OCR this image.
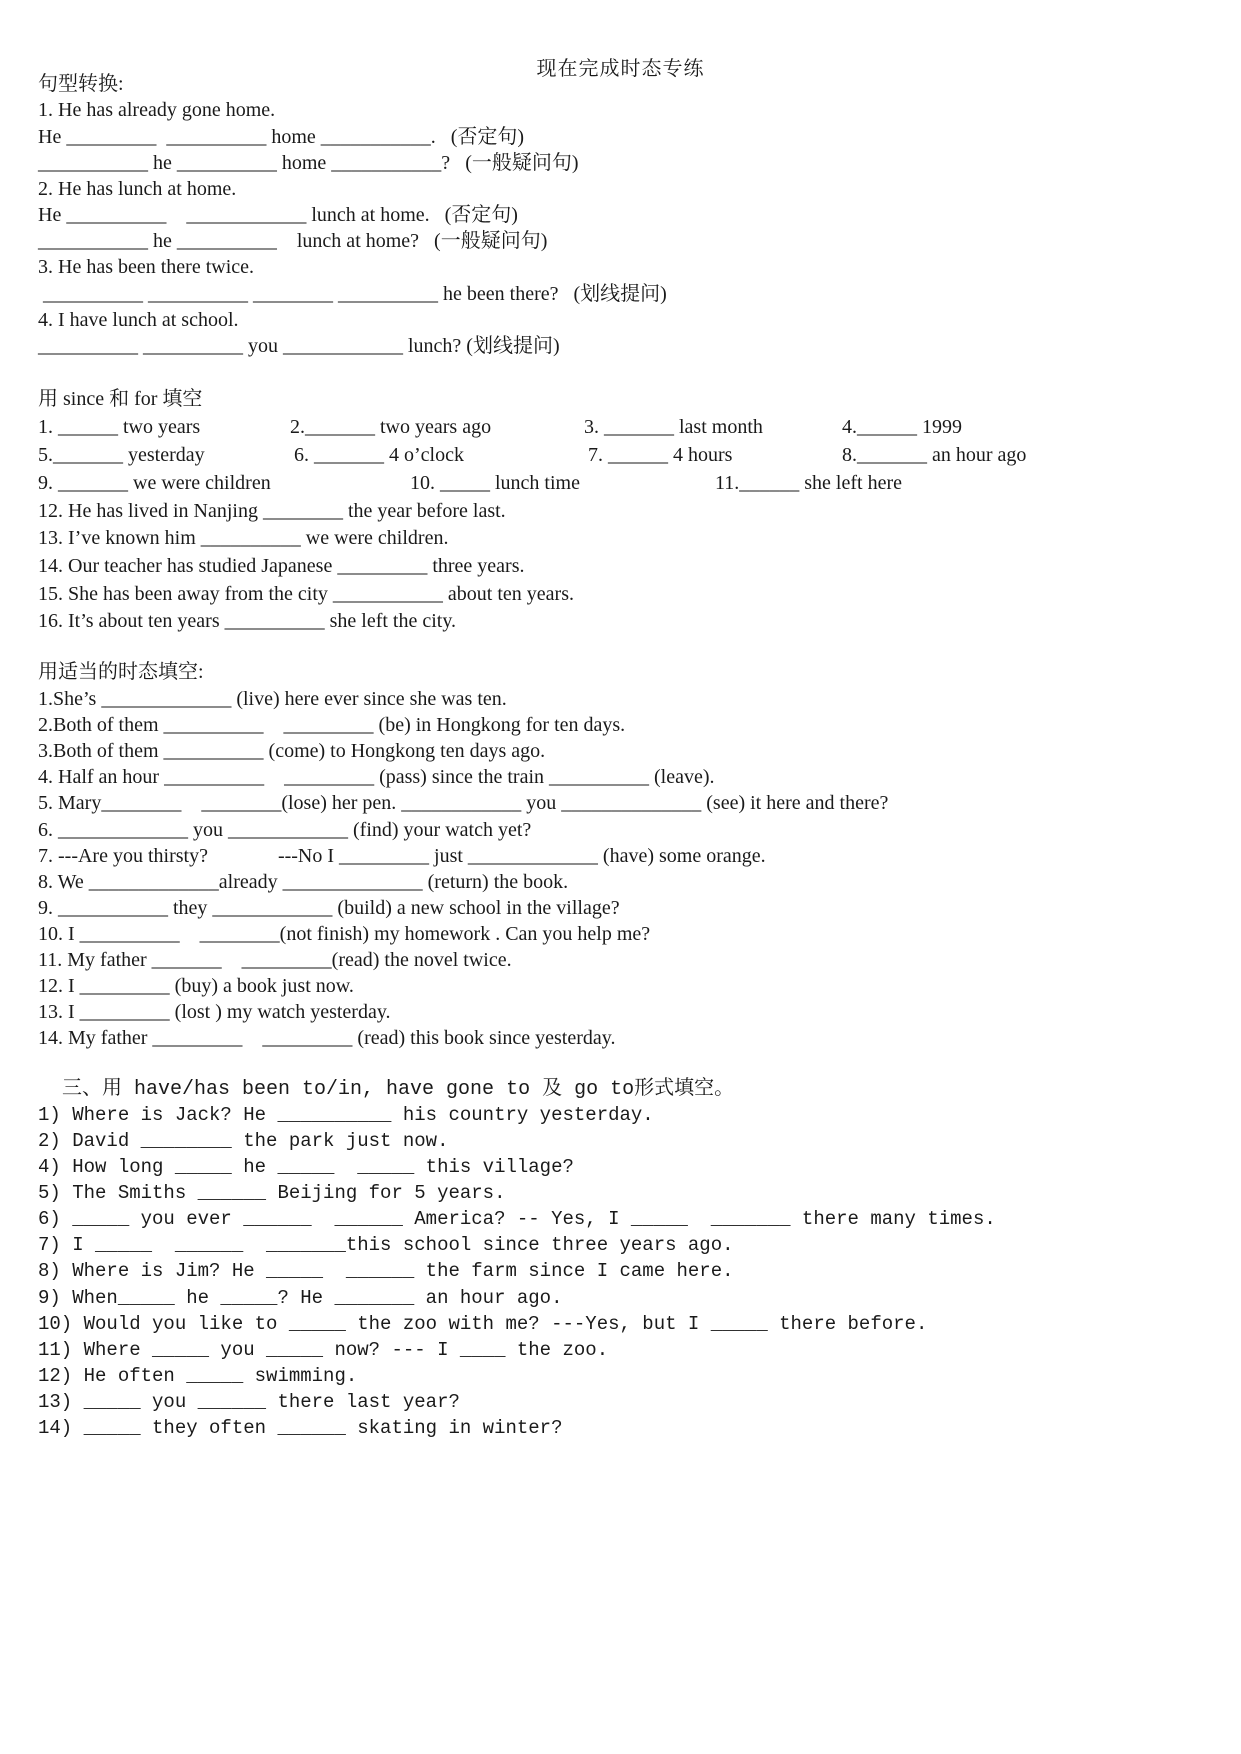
现在完成时态专练
句型转换:
1. He has already gone home.
He _________  __________ home ___________.   (否定句)
___________ he __________ home ___________?   (一般疑问句)
2. He has lunch at home.
He __________    ____________ lunch at home.   (否定句)
___________ he __________    lunch at home?   (一般疑问句)
3. He has been there twice.
__________ __________ ________ __________ he been there?   (划线提问)
4. I have lunch at school.
__________ __________ you ____________ lunch? (划线提问)
用 since 和 for 填空
1. ______ two years	2._______ two years ago	3. _______ last month	4.______ 1999
5._______ yesterday	6. _______ 4 o’clock	7. ______ 4 hours	8._______ an hour ago
9. _______ we were children	10. _____ lunch time	11.______ she left here
12. He has lived in Nanjing ________ the year before last.
13. I’ve known him __________ we were children.
14. Our teacher has studied Japanese _________ three years.
15. She has been away from the city ___________ about ten years.
16. It’s about ten years __________ she left the city.
用适当的时态填空:
1.She’s _____________ (live) here ever since she was ten.
2.Both of them __________    _________ (be) in Hongkong for ten days.
3.Both of them __________ (come) to Hongkong ten days ago.
4. Half an hour __________    _________ (pass) since the train __________ (leave).
5. Mary________    ________(lose) her pen. ____________ you ______________ (see) it here and there?
6. _____________ you ____________ (find) your watch yet?
7. ---Are you thirsty?              ---No I _________ just _____________ (have) some orange.
8. We _____________already ______________ (return) the book.
9. ___________ they ____________ (build) a new school in the village?
10. I __________    ________(not finish) my homework . Can you help me?
11. My father _______    _________(read) the novel twice.
12. I _________ (buy) a book just now.
13. I _________ (lost ) my watch yesterday.
14. My father _________    _________ (read) this book since yesterday.
三、用 have/has been to/in, have gone to 及 go to形式填空。
1) Where is Jack? He __________ his country yesterday.
2) David ________ the park just now.
4) How long _____ he _____  _____ this village?
5) The Smiths ______ Beijing for 5 years.
6) _____ you ever ______  ______ America? -- Yes, I _____  _______ there many times.
7) I _____  ______  _______this school since three years ago.
8) Where is Jim? He _____  ______ the farm since I came here.
9) When_____ he _____? He _______ an hour ago.
10) Would you like to _____ the zoo with me? ---Yes, but I _____ there before.
11) Where _____ you _____ now? --- I ____ the zoo.
12) He often _____ swimming.
13) _____ you ______ there last year?
14) _____ they often ______ skating in winter?
